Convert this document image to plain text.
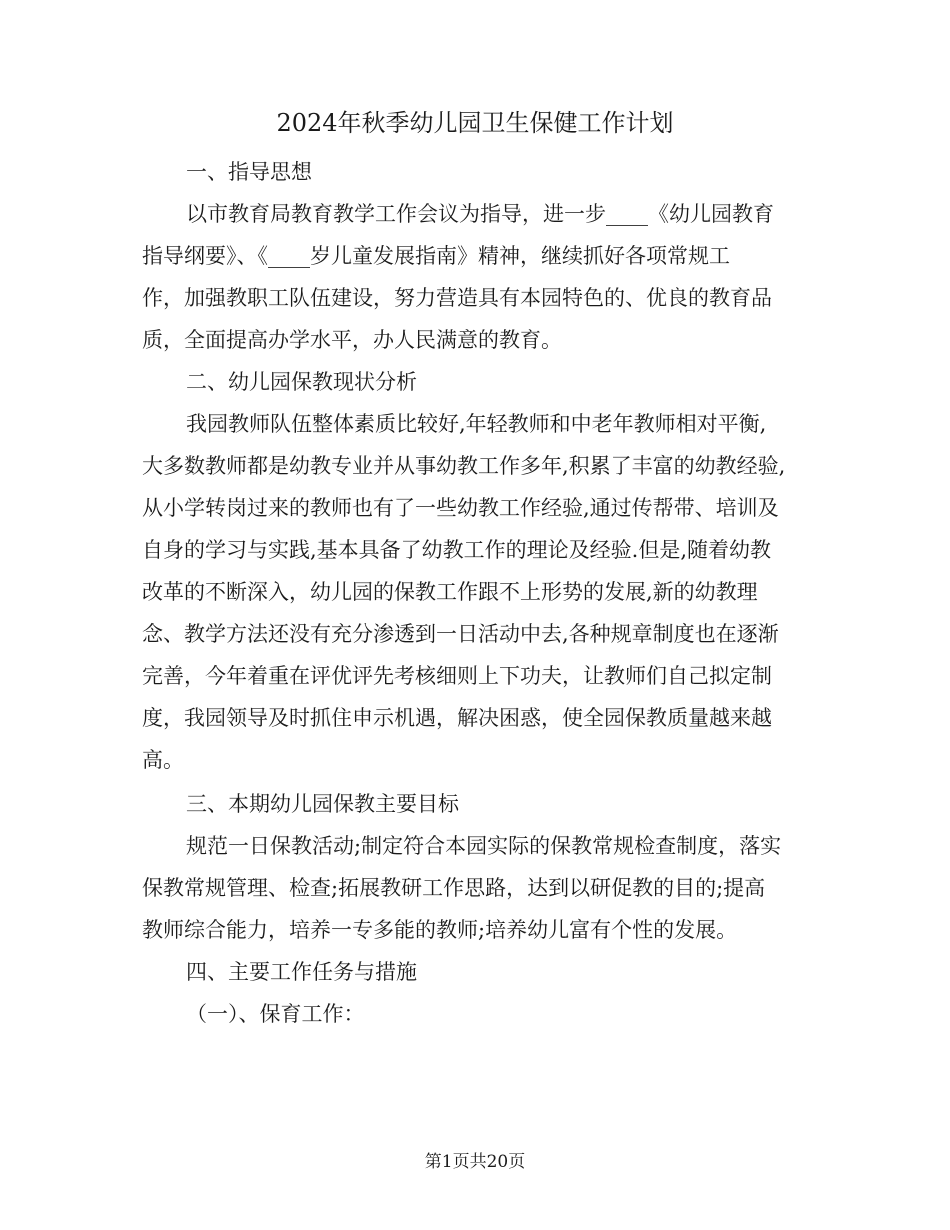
2024年秋季幼儿园卫生保健工作计划
一、指导思想
以市教育局教育教学工作会议为指导，进一步____《幼儿园教育
指导纲要》、《____岁儿童发展指南》精神，继续抓好各项常规工
作，加强教职工队伍建设，努力营造具有本园特色的、优良的教育品
质，全面提高办学水平，办人民满意的教育。
二、幼儿园保教现状分析
我园教师队伍整体素质比较好,年轻教师和中老年教师相对平衡,
大多数教师都是幼教专业并从事幼教工作多年,积累了丰富的幼教经验,
从小学转岗过来的教师也有了一些幼教工作经验,通过传帮带、培训及
自身的学习与实践,基本具备了幼教工作的理论及经验.但是,随着幼教
改革的不断深入，幼儿园的保教工作跟不上形势的发展,新的幼教理
念、教学方法还没有充分渗透到一日活动中去,各种规章制度也在逐渐
完善，今年着重在评优评先考核细则上下功夫，让教师们自己拟定制
度，我园领导及时抓住申示机遇，解决困惑，使全园保教质量越来越
高。
三、本期幼儿园保教主要目标
规范一日保教活动;制定符合本园实际的保教常规检查制度，落实
保教常规管理、检查;拓展教研工作思路，达到以研促教的目的;提高
教师综合能力，培养一专多能的教师;培养幼儿富有个性的发展。
四、主要工作任务与措施
（一）、保育工作：
第1页共20页
